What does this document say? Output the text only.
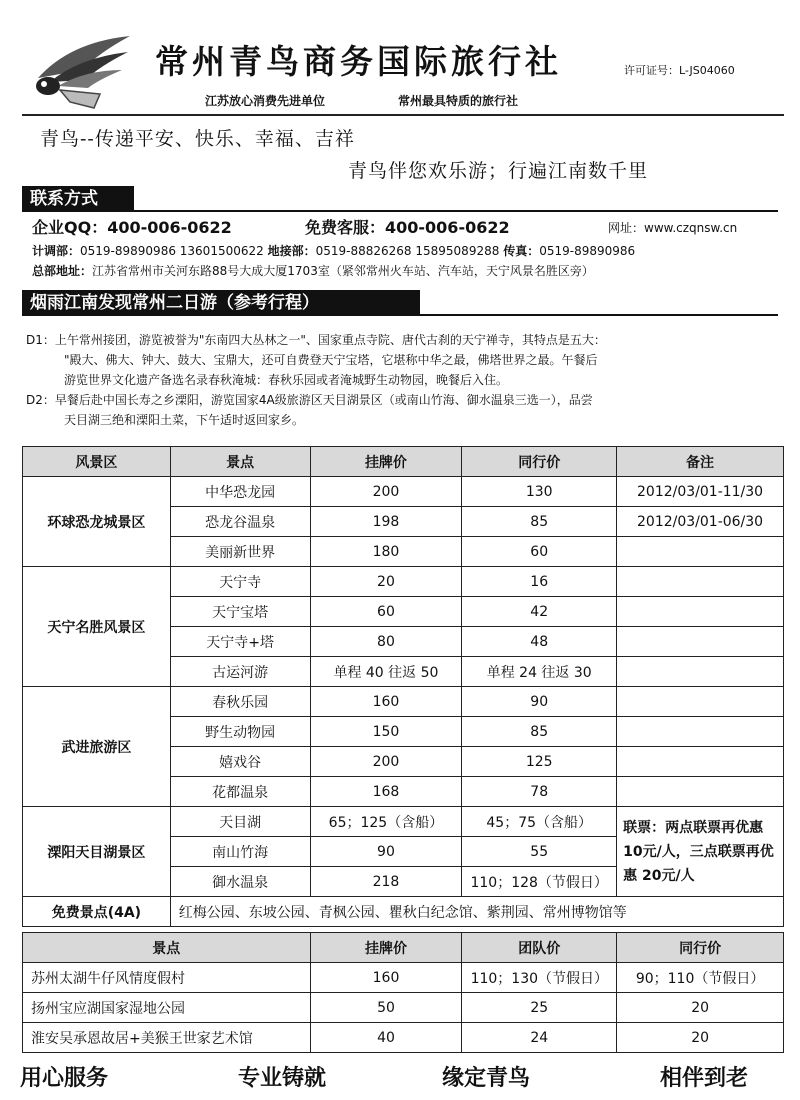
常州青鸟商务国际旅行社	许可证号：L-JS04060
江苏放心消费先进单位	常州最具特质的旅行社
青鸟--传递平安、快乐、幸福、吉祥
青鸟伴您欢乐游；行遍江南数千里
联系方式
企业QQ：400-006-0622	免费客服：400-006-0622	网址：www.czqnsw.cn
计调部：0519-89890986 13601500622 地接部：0519-88826268 15895089288 传真：0519-89890986
总部地址：江苏省常州市关河东路88号大成大厦1703室（紧邻常州火车站、汽车站，天宁风景名胜区旁）
烟雨江南发现常州二日游（参考行程）

D1：上午常州接团，游览被誉为"东南四大丛林之一"、国家重点寺院、唐代古刹的天宁禅寺，其特点是五大：

"殿大、佛大、钟大、鼓大、宝鼎大，还可自费登天宁宝塔，它堪称中华之最，佛塔世界之最。午餐后

游览世界文化遗产备选名录春秋淹城：春秋乐园或者淹城野生动物园，晚餐后入住。

D2：早餐后赴中国长寿之乡溧阳，游览国家4A级旅游区天目湖景区（或南山竹海、御水温泉三选一），品尝

天目湖三绝和溧阳土菜，下午适时返回家乡。

风景区	景点	挂牌价	同行价	备注
环球恐龙城景区	中华恐龙园	200	130	2012/03/01-11/30
	恐龙谷温泉	198	85	2012/03/01-06/30
	美丽新世界	180	60	
天宁名胜风景区	天宁寺	20	16	
	天宁宝塔	60	42	
	天宁寺+塔	80	48	
	古运河游	单程 40 往返 50	单程 24 往返 30	
武进旅游区	春秋乐园	160	90	
	野生动物园	150	85	
	嬉戏谷	200	125	
	花都温泉	168	78	
溧阳天目湖景区	天目湖	65；125（含船）	45；75（含船）	联票：两点联票再优惠 10元/人，三点联票再优惠 20元/人
	南山竹海	90	55	
	御水温泉	218	110；128（节假日）	
免费景点(4A)	红梅公园、东坡公园、青枫公园、瞿秋白纪念馆、紫荆园、常州博物馆等			
景点	挂牌价	团队价	同行价
苏州太湖牛仔风情度假村	160	110；130（节假日）	90；110（节假日）
扬州宝应湖国家湿地公园	50	25	20
淮安吴承恩故居+美猴王世家艺术馆	40	24	20
用心服务	专业铸就	缘定青鸟	相伴到老
